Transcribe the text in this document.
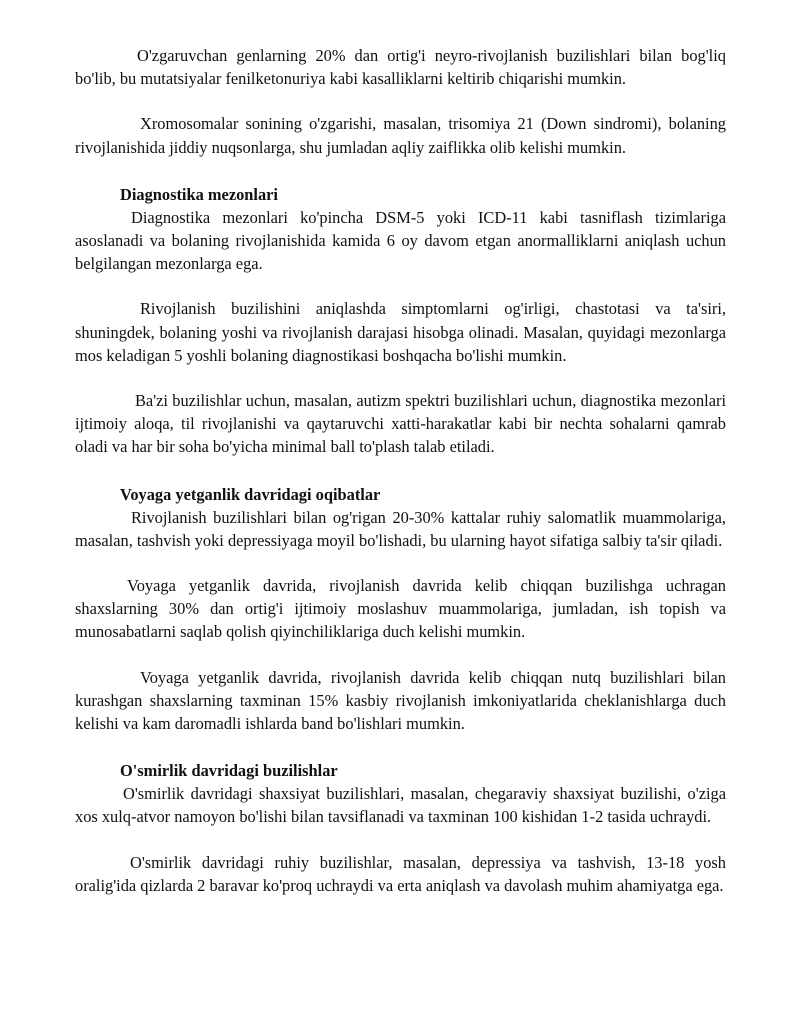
O'zgaruvchan genlarning 20% dan ortig'i neyro-rivojlanish buzilishlari bilan bog'liq bo'lib, bu mutatsiyalar fenilketonuriya kabi kasalliklarni keltirib chiqarishi mumkin.

Xromosomalar sonining o'zgarishi, masalan, trisomiya 21 (Down sindromi), bolaning rivojlanishida jiddiy nuqsonlarga, shu jumladan aqliy zaiflikka olib kelishi mumkin.

Diagnostika mezonlari

Diagnostika mezonlari ko'pincha DSM-5 yoki ICD-11 kabi tasniflash tizimlariga asoslanadi va bolaning rivojlanishida kamida 6 oy davom etgan anormalliklarni aniqlash uchun belgilangan mezonlarga ega.

Rivojlanish buzilishini aniqlashda simptomlarni og'irligi, chastotasi va ta'siri, shuningdek, bolaning yoshi va rivojlanish darajasi hisobga olinadi. Masalan, quyidagi mezonlarga mos keladigan 5 yoshli bolaning diagnostikasi boshqacha bo'lishi mumkin.

Ba'zi buzilishlar uchun, masalan, autizm spektri buzilishlari uchun, diagnostika mezonlari ijtimoiy aloqa, til rivojlanishi va qaytaruvchi xatti-harakatlar kabi bir nechta sohalarni qamrab oladi va har bir soha bo'yicha minimal ball to'plash talab etiladi.

Voyaga yetganlik davridagi oqibatlar

Rivojlanish buzilishlari bilan og'rigan 20-30% kattalar ruhiy salomatlik muammolariga, masalan, tashvish yoki depressiyaga moyil bo'lishadi, bu ularning hayot sifatiga salbiy ta'sir qiladi.

Voyaga yetganlik davrida, rivojlanish davrida kelib chiqqan buzilishga uchragan shaxslarning 30% dan ortig'i ijtimoiy moslashuv muammolariga, jumladan, ish topish va munosabatlarni saqlab qolish qiyinchiliklariga duch kelishi mumkin.

Voyaga yetganlik davrida, rivojlanish davrida kelib chiqqan nutq buzilishlari bilan kurashgan shaxslarning taxminan 15% kasbiy rivojlanish imkoniyatlarida cheklanishlarga duch kelishi va kam daromadli ishlarda band bo'lishlari mumkin.

O'smirlik davridagi buzilishlar

O'smirlik davridagi shaxsiyat buzilishlari, masalan, chegaraviy shaxsiyat buzilishi, o'ziga xos xulq-atvor namoyon bo'lishi bilan tavsiflanadi va taxminan 100 kishidan 1-2 tasida uchraydi.

O'smirlik davridagi ruhiy buzilishlar, masalan, depressiya va tashvish, 13-18 yosh oralig'ida qizlarda 2 baravar ko'proq uchraydi va erta aniqlash va davolash muhim ahamiyatga ega.
